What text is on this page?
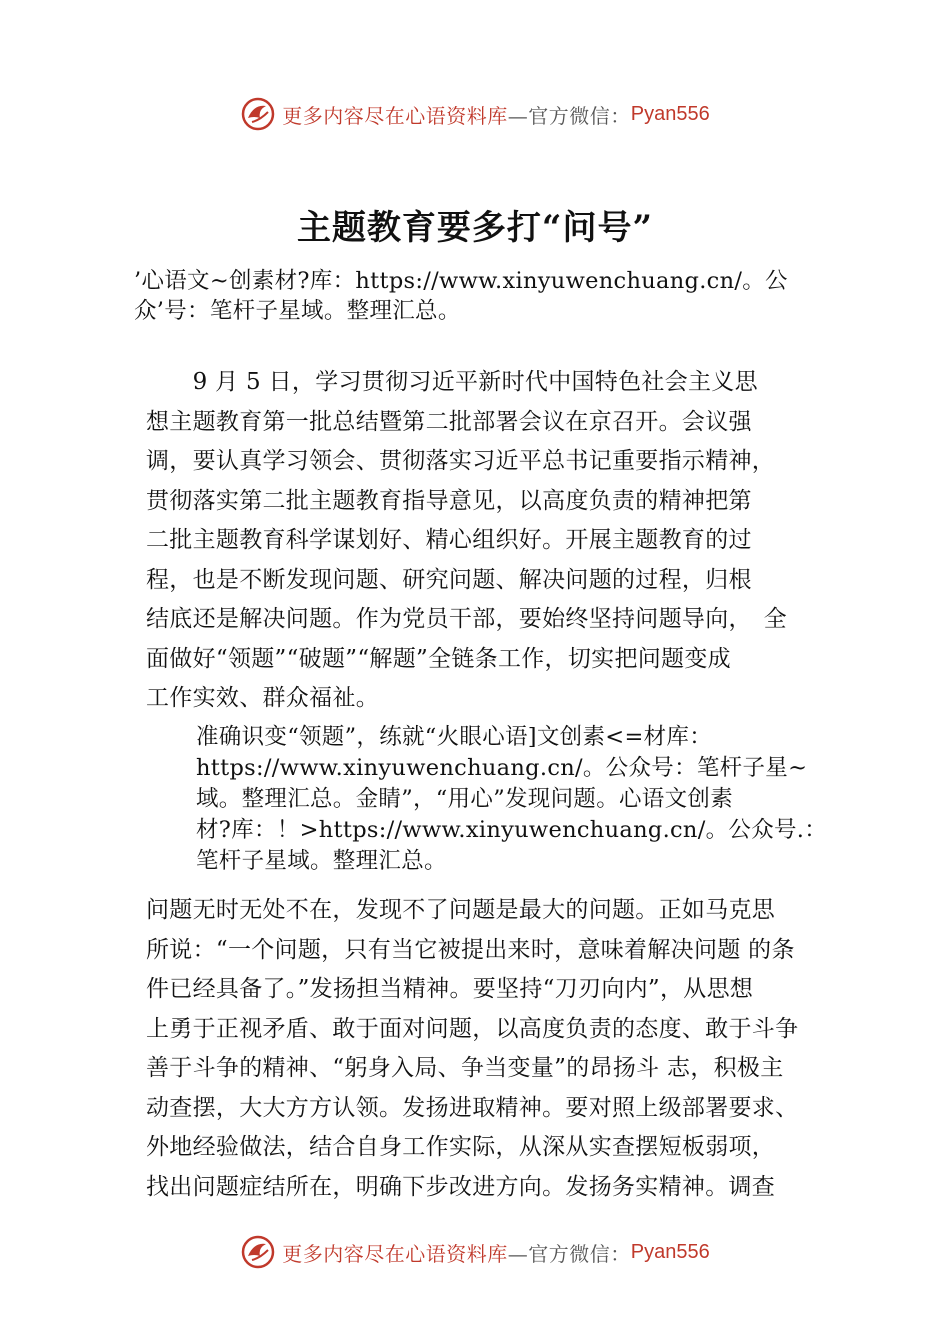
更多内容尽在心语资料库 —官方微信： Pyan556
主题教育要多打“问号”
’心语文~创素材?库：https://www.xinyuwenchuang.cn/。公
众’号：笔杆子星域。整理汇总。
　　9 月 5 日，学习贯彻习近平新时代中国特色社会主义思
想主题教育第一批总结暨第二批部署会议在京召开。会议强
调，要认真学习领会、贯彻落实习近平总书记重要指示精神，
贯彻落实第二批主题教育指导意见，以高度负责的精神把第
二批主题教育科学谋划好、精心组织好。开展主题教育的过
程，也是不断发现问题、研究问题、解决问题的过程，归根
结底还是解决问题。作为党员干部，要始终坚持问题导向，　全
面做好“领题”“破题”“解题”全链条工作，切实把问题变成
工作实效、群众福祉。
准确识变“领题”，练就“火眼心语]文创素<=材库：
https://www.xinyuwenchuang.cn/。公众号：笔杆子星~
域。整理汇总。金睛”，“用心”发现问题。心语文创素
材?库：！>https://www.xinyuwenchuang.cn/。公众号.：
笔杆子星域。整理汇总。
问题无时无处不在，发现不了问题是最大的问题。正如马克思
所说：“一个问题，只有当它被提出来时，意味着解决问题 的条
件已经具备了。”发扬担当精神。要坚持“刀刃向内”，从思想
上勇于正视矛盾、敢于面对问题，以高度负责的态度、敢于斗争
善于斗争的精神、“躬身入局、争当变量”的昂扬斗 志，积极主
动查摆，大大方方认领。发扬进取精神。要对照上级部署要求、
外地经验做法，结合自身工作实际，从深从实查摆短板弱项，
找出问题症结所在，明确下步改进方向。发扬务实精神。调查
更多内容尽在心语资料库 —官方微信： Pyan556
